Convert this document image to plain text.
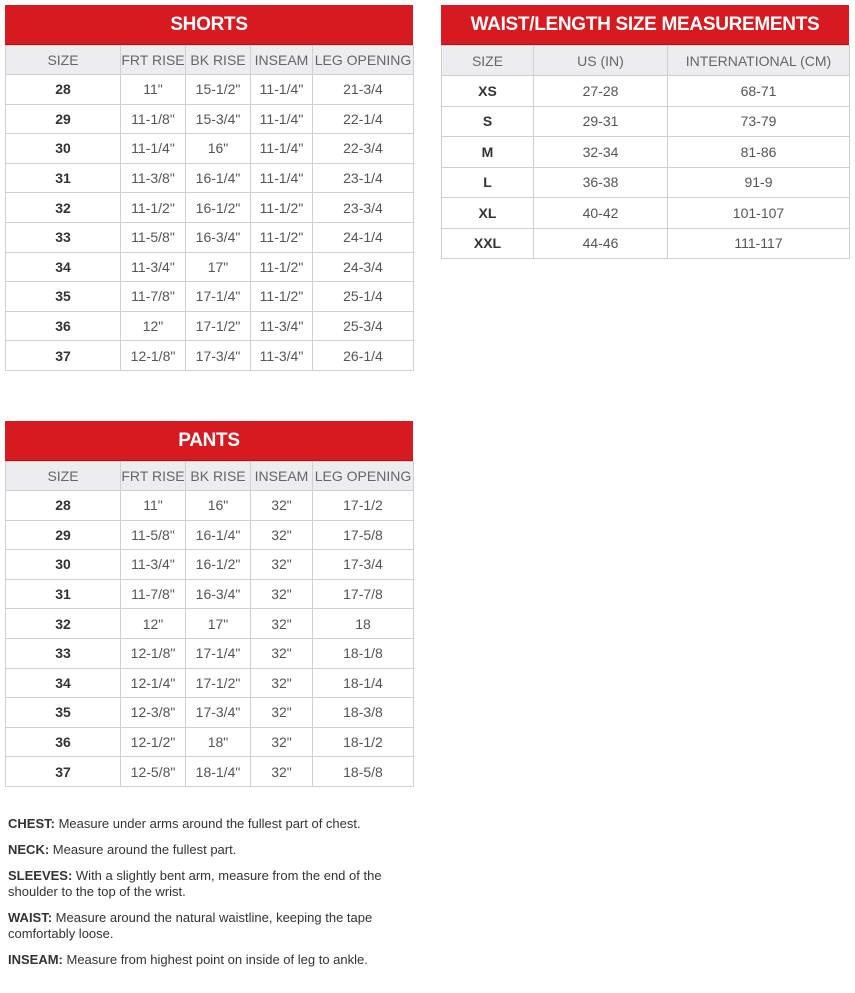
SHORTS
SIZE	FRT RISE	BK RISE	INSEAM	LEG OPENING
28	11"	15-1/2"	11-1/4"	21-3/4
29	11-1/8"	15-3/4"	11-1/4"	22-1/4
30	11-1/4"	16"	11-1/4"	22-3/4
31	11-3/8"	16-1/4"	11-1/4"	23-1/4
32	11-1/2"	16-1/2"	11-1/2"	23-3/4
33	11-5/8"	16-3/4"	11-1/2"	24-1/4
34	11-3/4"	17"	11-1/2"	24-3/4
35	11-7/8"	17-1/4"	11-1/2"	25-1/4
36	12"	17-1/2"	11-3/4"	25-3/4
37	12-1/8"	17-3/4"	11-3/4"	26-1/4
PANTS
SIZE	FRT RISE	BK RISE	INSEAM	LEG OPENING
28	11"	16"	32"	17-1/2
29	11-5/8"	16-1/4"	32"	17-5/8
30	11-3/4"	16-1/2"	32"	17-3/4
31	11-7/8"	16-3/4"	32"	17-7/8
32	12"	17"	32"	18
33	12-1/8"	17-1/4"	32"	18-1/8
34	12-1/4"	17-1/2"	32"	18-1/4
35	12-3/8"	17-3/4"	32"	18-3/8
36	12-1/2"	18"	32"	18-1/2
37	12-5/8"	18-1/4"	32"	18-5/8
WAIST/LENGTH SIZE MEASUREMENTS
SIZE	US (IN)	INTERNATIONAL (CM)
XS	27-28	68-71
S	29-31	73-79
M	32-34	81-86
L	36-38	91-9
XL	40-42	101-107
XXL	44-46	111-117
CHEST: Measure under arms around the fullest part of chest.
NECK: Measure around the fullest part.
SLEEVES: With a slightly bent arm, measure from the end of the shoulder to the top of the wrist.
WAIST: Measure around the natural waistline, keeping the tape comfortably loose.
INSEAM: Measure from highest point on inside of leg to ankle.
